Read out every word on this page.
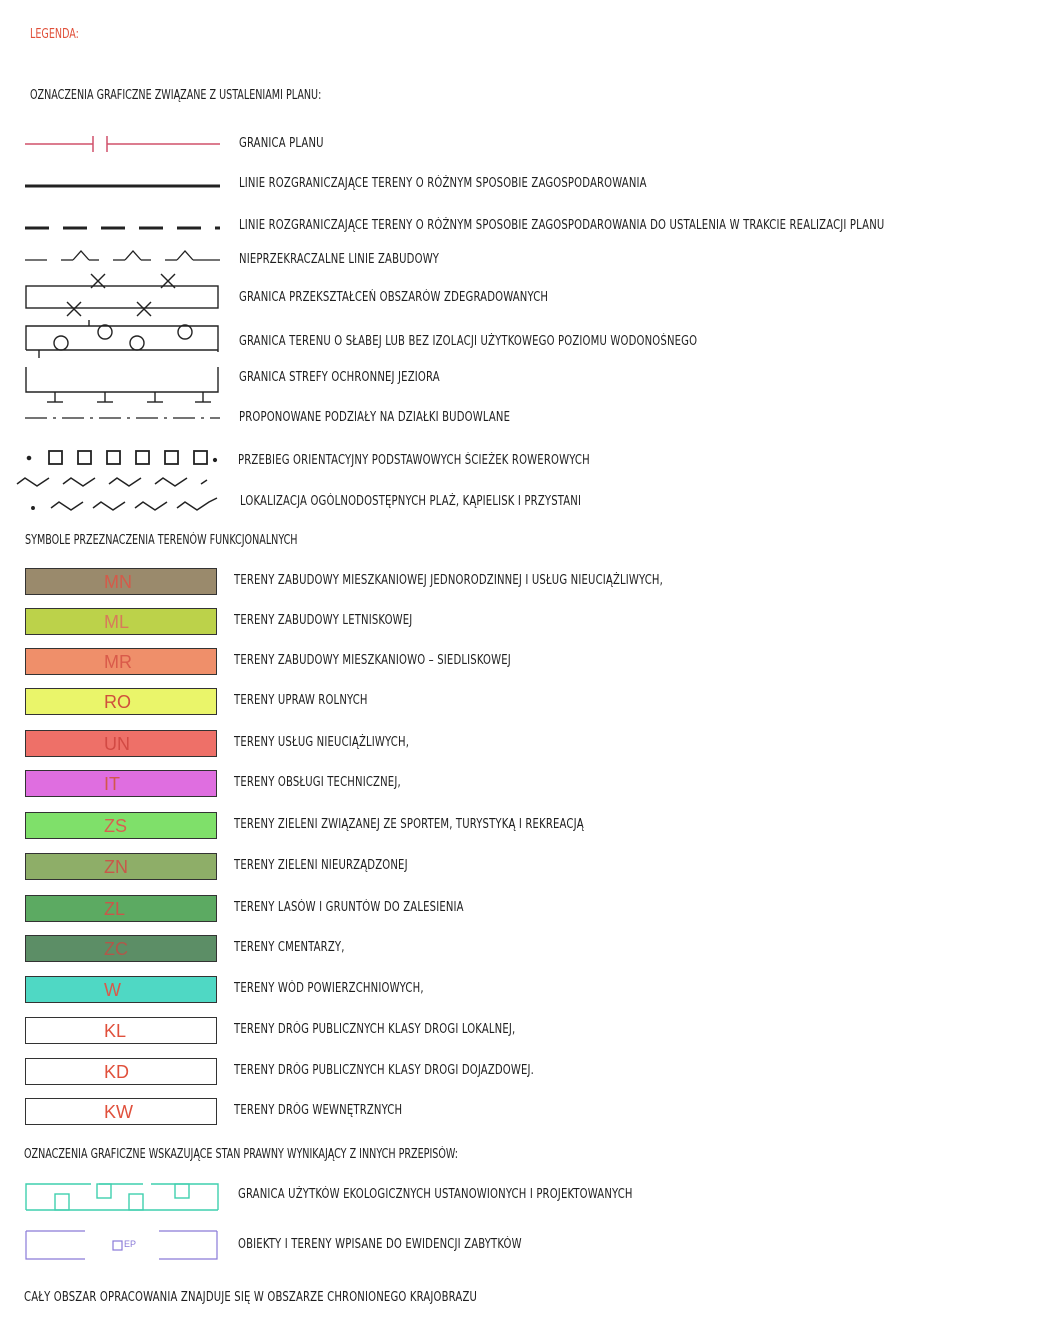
LEGENDA:
OZNACZENIA GRAFICZNE ZWIĄZANE Z USTALENIAMI PLANU:
GRANICA PLANU
LINIE ROZGRANICZAJĄCE TERENY O RÓŻNYM SPOSOBIE ZAGOSPODAROWANIA
LINIE ROZGRANICZAJĄCE TERENY O RÓŻNYM SPOSOBIE ZAGOSPODAROWANIA DO USTALENIA W TRAKCIE REALIZACJI PLANU
NIEPRZEKRACZALNE LINIE ZABUDOWY
GRANICA PRZEKSZTAŁCEŃ OBSZARÓW ZDEGRADOWANYCH
GRANICA TERENU O SŁABEJ LUB BEZ IZOLACJI UŻYTKOWEGO POZIOMU WODONOŚNEGO
GRANICA STREFY OCHRONNEJ JEZIORA
PROPONOWANE PODZIAŁY NA DZIAŁKI BUDOWLANE
PRZEBIEG ORIENTACYJNY PODSTAWOWYCH ŚCIEŻEK ROWEROWYCH
LOKALIZACJA OGÓLNODOSTĘPNYCH PLAŻ, KĄPIELISK I PRZYSTANI
SYMBOLE PRZEZNACZENIA TERENÓW FUNKCJONALNYCH
MN	TERENY ZABUDOWY MIESZKANIOWEJ JEDNORODZINNEJ I USŁUG NIEUCIĄŻLIWYCH,
ML	TERENY ZABUDOWY LETNISKOWEJ
MR	TERENY ZABUDOWY MIESZKANIOWO – SIEDLISKOWEJ
RO	TERENY UPRAW ROLNYCH
UN	TERENY USŁUG NIEUCIĄŻLIWYCH,
IT	TERENY OBSŁUGI TECHNICZNEJ,
ZS	TERENY ZIELENI ZWIĄZANEJ ZE SPORTEM, TURYSTYKĄ I REKREACJĄ
ZN	TERENY ZIELENI NIEURZĄDZONEJ
ZL	TERENY LASÓW I GRUNTÓW DO ZALESIENIA
ZC	TERENY CMENTARZY,
W	TERENY WÓD POWIERZCHNIOWYCH,
KL	TERENY DRÓG PUBLICZNYCH KLASY DROGI LOKALNEJ,
KD	TERENY DRÓG PUBLICZNYCH KLASY DROGI DOJAZDOWEJ.
KW	TERENY DRÓG WEWNĘTRZNYCH
OZNACZENIA GRAFICZNE WSKAZUJĄCE STAN PRAWNY WYNIKAJĄCY Z INNYCH PRZEPISÓW:
GRANICA UŻYTKÓW EKOLOGICZNYCH USTANOWIONYCH I PROJEKTOWANYCH
EP	OBIEKTY I TERENY WPISANE DO EWIDENCJI ZABYTKÓW
CAŁY OBSZAR OPRACOWANIA ZNAJDUJE SIĘ W OBSZARZE CHRONIONEGO KRAJOBRAZU
